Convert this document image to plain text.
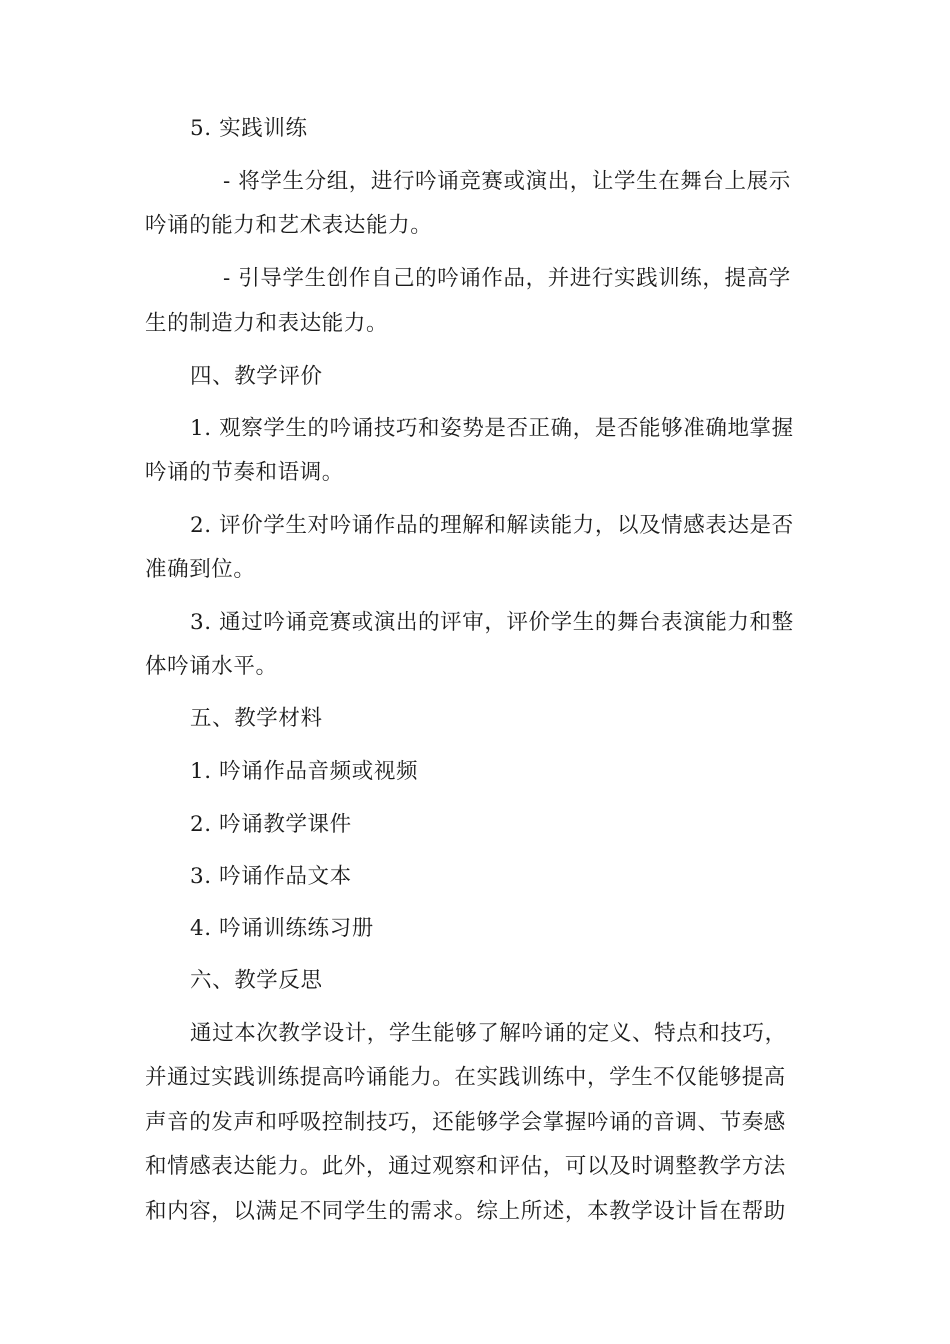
5. 实践训练
- 将学生分组，进行吟诵竞赛或演出，让学生在舞台上展示
吟诵的能力和艺术表达能力。
- 引导学生创作自己的吟诵作品，并进行实践训练，提高学
生的制造力和表达能力。
四、教学评价
1. 观察学生的吟诵技巧和姿势是否正确，是否能够准确地掌握
吟诵的节奏和语调。
2. 评价学生对吟诵作品的理解和解读能力，以及情感表达是否
准确到位。
3. 通过吟诵竞赛或演出的评审，评价学生的舞台表演能力和整
体吟诵水平。
五、教学材料
1. 吟诵作品音频或视频
2. 吟诵教学课件
3. 吟诵作品文本
4. 吟诵训练练习册
六、教学反思
通过本次教学设计，学生能够了解吟诵的定义、特点和技巧，
并通过实践训练提高吟诵能力。在实践训练中，学生不仅能够提高
声音的发声和呼吸控制技巧，还能够学会掌握吟诵的音调、节奏感
和情感表达能力。此外，通过观察和评估，可以及时调整教学方法
和内容，以满足不同学生的需求。综上所述，本教学设计旨在帮助
